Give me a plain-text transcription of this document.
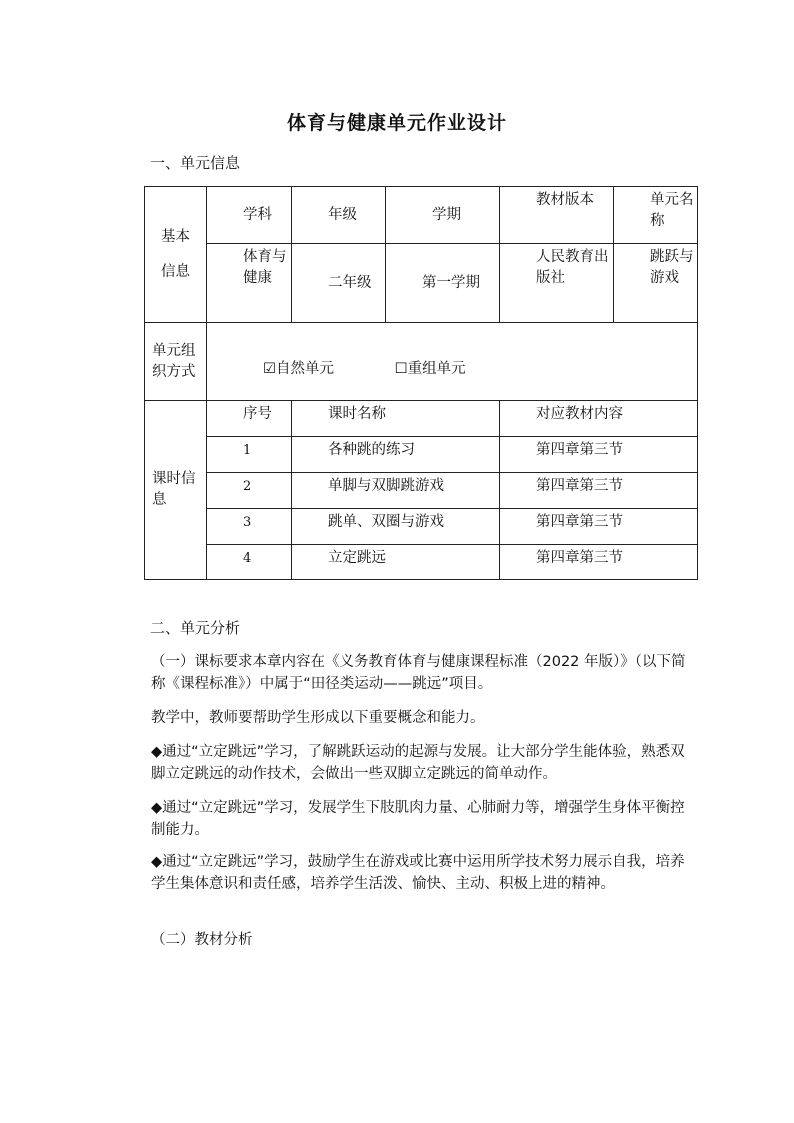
体育与健康单元作业设计
一、单元信息
基本
信息	学科	年级	学期	教材版本	单元名称
	体育与健康	二年级	第一学期	人民教育出版社	跳跃与游戏
单元组织方式	☑自然单元 ☐重组单元				
课时信息	序号	课时名称		对应教材内容	
	1	各种跳的练习		第四章第三节	
	2	单脚与双脚跳游戏		第四章第三节	
	3	跳单、双圈与游戏		第四章第三节	
	4	立定跳远		第四章第三节	
二、单元分析
（一）课标要求本章内容在《义务教育体育与健康课程标准（2022 年版）》（以下简称《课程标准》）中属于“田径类运动——跳远”项目。
教学中，教师要帮助学生形成以下重要概念和能力。
◆通过“立定跳远”学习，了解跳跃运动的起源与发展。让大部分学生能体验，熟悉双脚立定跳远的动作技术，会做出一些双脚立定跳远的简单动作。
◆通过“立定跳远”学习，发展学生下肢肌肉力量、心肺耐力等，增强学生身体平衡控制能力。
◆通过“立定跳远”学习，鼓励学生在游戏或比赛中运用所学技术努力展示自我，培养学生集体意识和责任感，培养学生活泼、愉快、主动、积极上进的精神。
（二）教材分析
